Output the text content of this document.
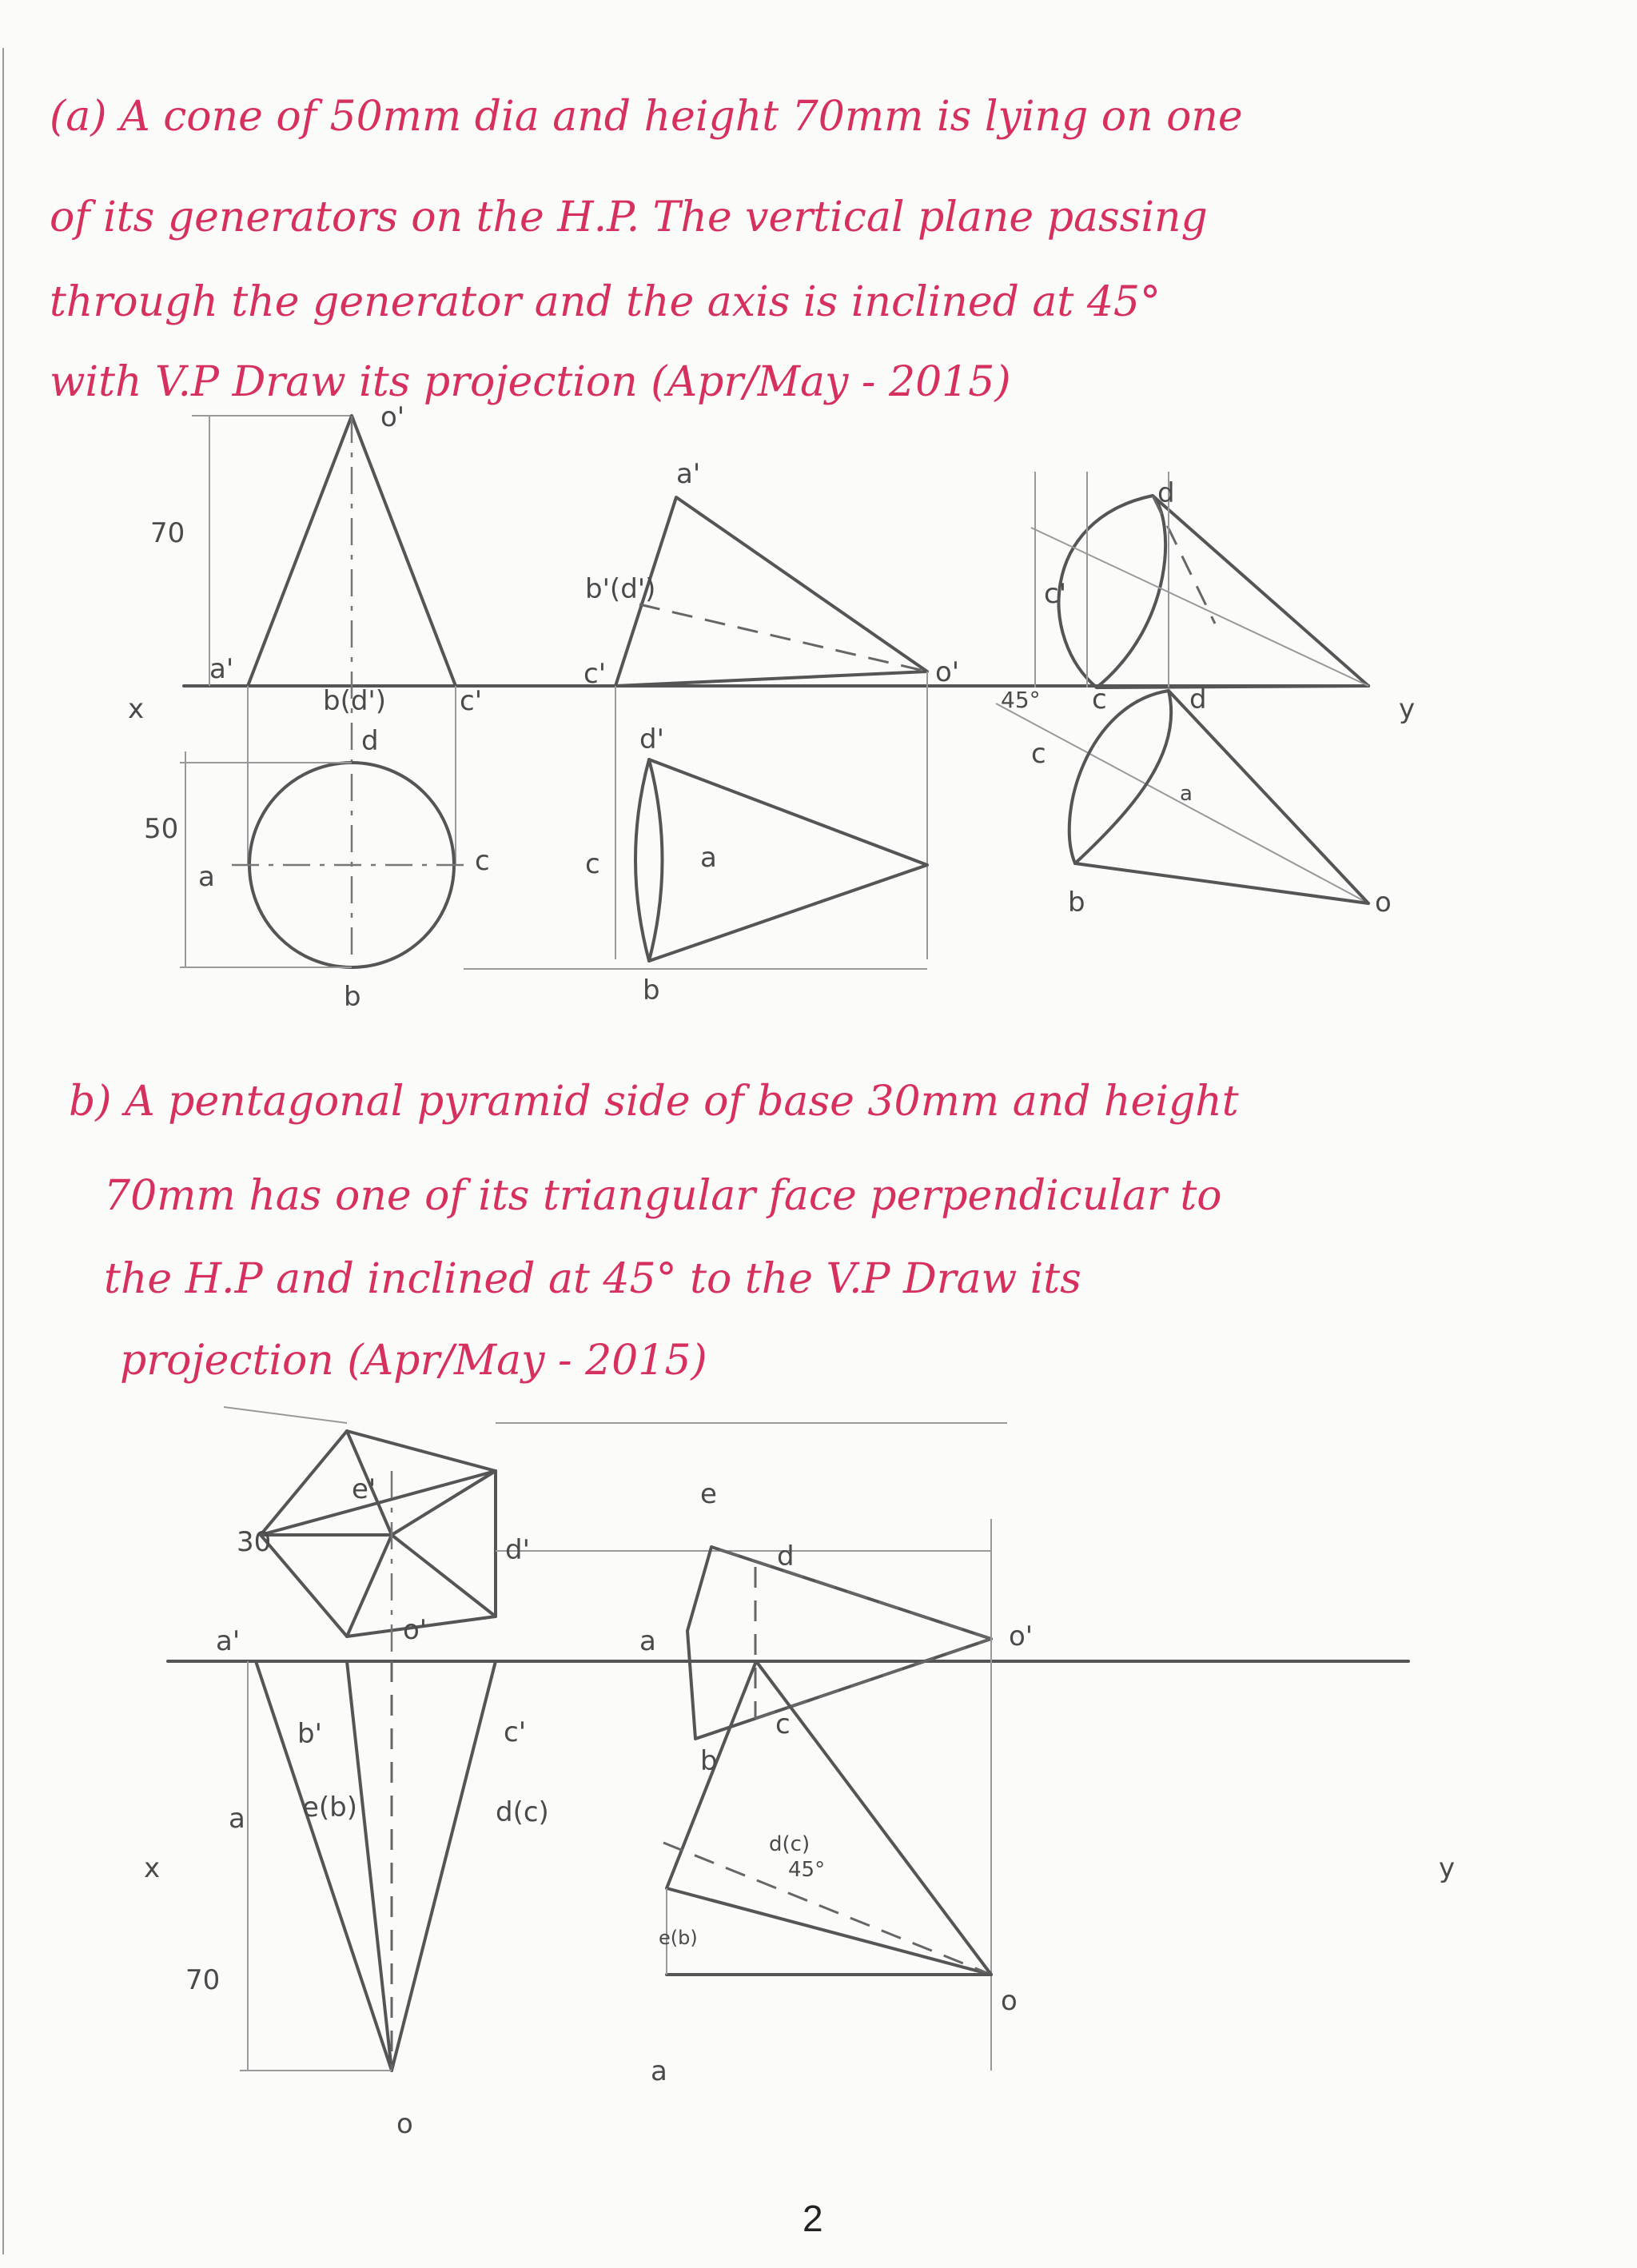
(a) A cone of 50mm dia and height 70mm is lying on one
of its generators on the H.P. The vertical plane passing
through the generator and the axis is inclined at 45°
with V.P Draw its projection (Apr/May - 2015)
b) A pentagonal pyramid side of base 30mm and height
70mm has one of its triangular face perpendicular to
the H.P and inclined at 45° to the V.P Draw its
projection (Apr/May - 2015)
o'
70
a'
b(d')	c'
x
d
50
a	c
b
a'
b'(d')
c'	o'
d'
c	a
b
d
c'
45° c	d
c
a
b	o
y
e'
30	d'
a'	o'
b'	c'
a e(b)	d(c)
x
70
o
e
d
a
c
b
o'
d(c)
45°
e(b)
a
o
y
2
